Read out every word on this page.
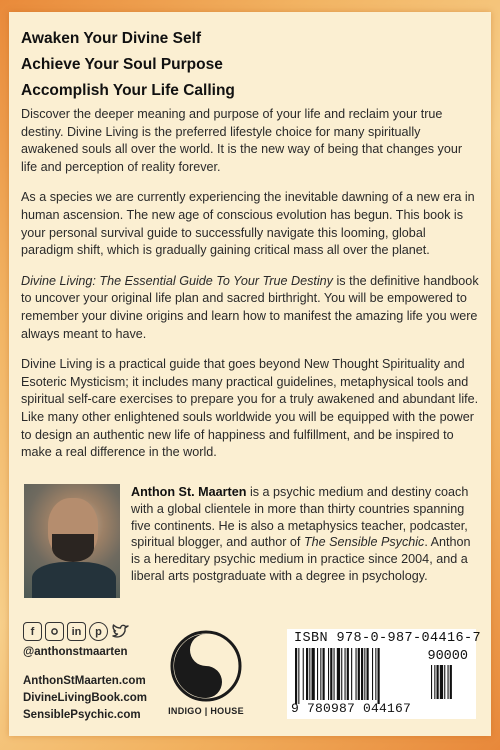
Awaken Your Divine Self

Achieve Your Soul Purpose

Accomplish Your Life Calling

Discover the deeper meaning and purpose of your life and reclaim your true destiny. Divine Living is the preferred lifestyle choice for many spiritually awakened souls all over the world. It is the new way of being that changes your life and perception of reality forever.

As a species we are currently experiencing the inevitable dawning of a new era in human ascension. The new age of conscious evolution has begun. This book is your personal survival guide to successfully navigate this looming, global paradigm shift, which is gradually gaining critical mass all over the planet.

Divine Living: The Essential Guide To Your True Destiny is the definitive handbook to uncover your original life plan and sacred birthright. You will be empowered to remember your divine origins and learn how to manifest the amazing life you were always meant to have.

Divine Living is a practical guide that goes beyond New Thought Spirituality and Esoteric Mysticism; it includes many practical guidelines, metaphysical tools and spiritual self-care exercises to prepare you for a truly awakened and abundant life. Like many other enlightened souls worldwide you will be equipped with the power to design an authentic new life of happiness and fulfillment, and be inspired to make a real difference in the world.

Anthon St. Maarten is a psychic medium and destiny coach with a global clientele in more than thirty countries spanning five continents. He is also a metaphysics teacher, podcaster, spiritual blogger, and author of The Sensible Psychic. Anthon is a hereditary psychic medium in practice since 2004, and a liberal arts postgraduate with a degree in psychology.
f	in	p
@anthonstmaarten
AnthonStMaarten.com
DivineLivingBook.com
SensiblePsychic.com	INDIGO | HOUSE
ISBN 978-0-987-04416-7
90000
9 780987 044167
